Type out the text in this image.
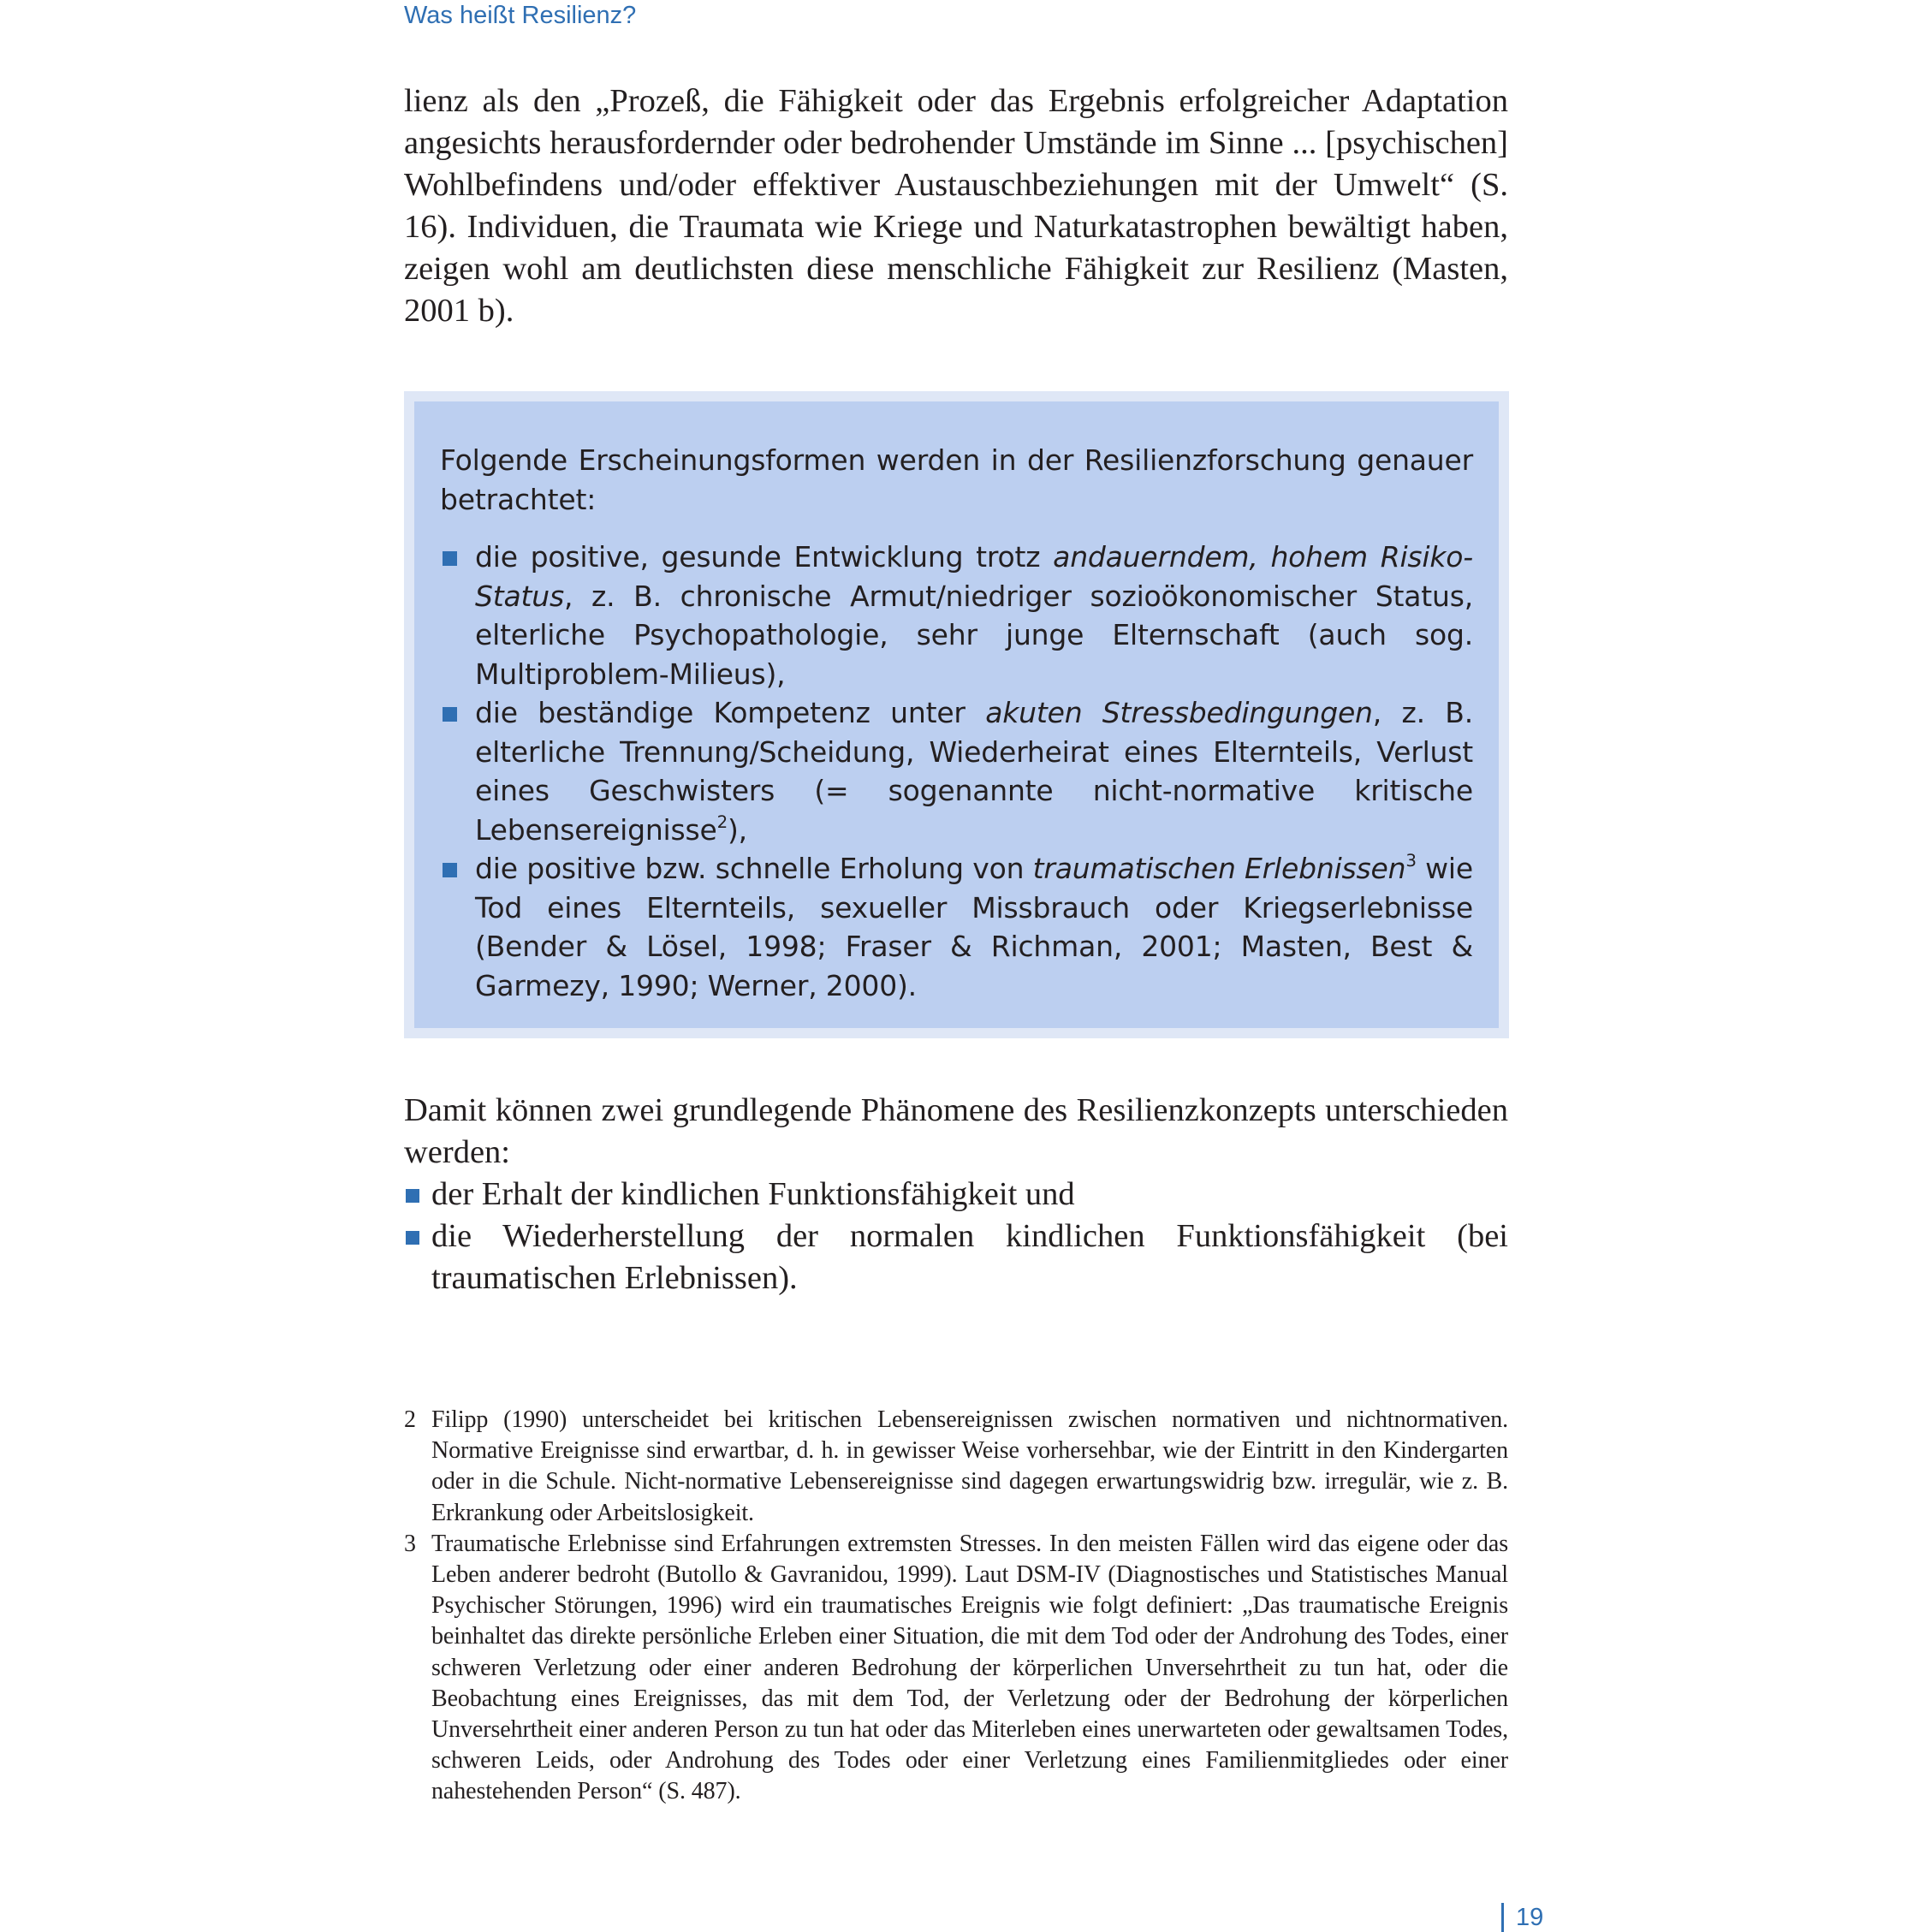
Was heißt Resilienz?

lienz als den „Prozeß, die Fähigkeit oder das Ergebnis erfolgreicher Adaptation angesichts herausfordernder oder bedrohender Umstände im Sinne ... [psychischen] Wohlbefindens und/oder effektiver Austauschbeziehungen mit der Umwelt“ (S. 16). Individuen, die Traumata wie Kriege und Naturkatastrophen bewältigt haben, zeigen wohl am deutlichsten diese menschliche Fähigkeit zur Resilienz (Masten, 2001 b).

Folgende Erscheinungsformen werden in der Resilienzforschung genauer betrachtet:

die positive, gesunde Entwicklung trotz andauerndem, hohem Risiko-Status, z. B. chronische Armut/niedriger sozioökonomischer Status, elterliche Psychopathologie, sehr junge Elternschaft (auch sog. Multiproblem-Milieus),
die beständige Kompetenz unter akuten Stressbedingungen, z. B. elterliche Trennung/Scheidung, Wiederheirat eines Elternteils, Verlust eines Geschwisters (= sogenannte nicht-normative kritische Lebensereignisse$^2$),
die positive bzw. schnelle Erholung von traumatischen Erlebnissen$^3$ wie Tod eines Elternteils, sexueller Missbrauch oder Kriegserlebnisse (Bender & Lösel, 1998; Fraser & Richman, 2001; Masten, Best & Garmezy, 1990; Werner, 2000).

Damit können zwei grundlegende Phänomene des Resilienzkonzepts unterschieden werden:

der Erhalt der kindlichen Funktionsfähigkeit und
die Wiederherstellung der normalen kindlichen Funktionsfähigkeit (bei traumatischen Erlebnissen).
2 Filipp (1990) unterscheidet bei kritischen Lebensereignissen zwischen normativen und nichtnormativen. Normative Ereignisse sind erwartbar, d. h. in gewisser Weise vorhersehbar, wie der Eintritt in den Kindergarten oder in die Schule. Nicht-normative Lebensereignisse sind dagegen erwartungswidrig bzw. irregulär, wie z. B. Erkrankung oder Arbeitslosigkeit.
3 Traumatische Erlebnisse sind Erfahrungen extremsten Stresses. In den meisten Fällen wird das eigene oder das Leben anderer bedroht (Butollo & Gavranidou, 1999). Laut DSM-IV (Diagnostisches und Statistisches Manual Psychischer Störungen, 1996) wird ein traumatisches Ereignis wie folgt definiert: „Das traumatische Ereignis beinhaltet das direkte persönliche Erleben einer Situation, die mit dem Tod oder der Androhung des Todes, einer schweren Verletzung oder einer anderen Bedrohung der körperlichen Unversehrtheit zu tun hat, oder die Beobachtung eines Ereignisses, das mit dem Tod, der Verletzung oder der Bedrohung der körperlichen Unversehrtheit einer anderen Person zu tun hat oder das Miterleben eines unerwarteten oder gewaltsamen Todes, schweren Leids, oder Androhung des Todes oder einer Verletzung eines Familienmitgliedes oder einer nahestehenden Person“ (S. 487).
19
